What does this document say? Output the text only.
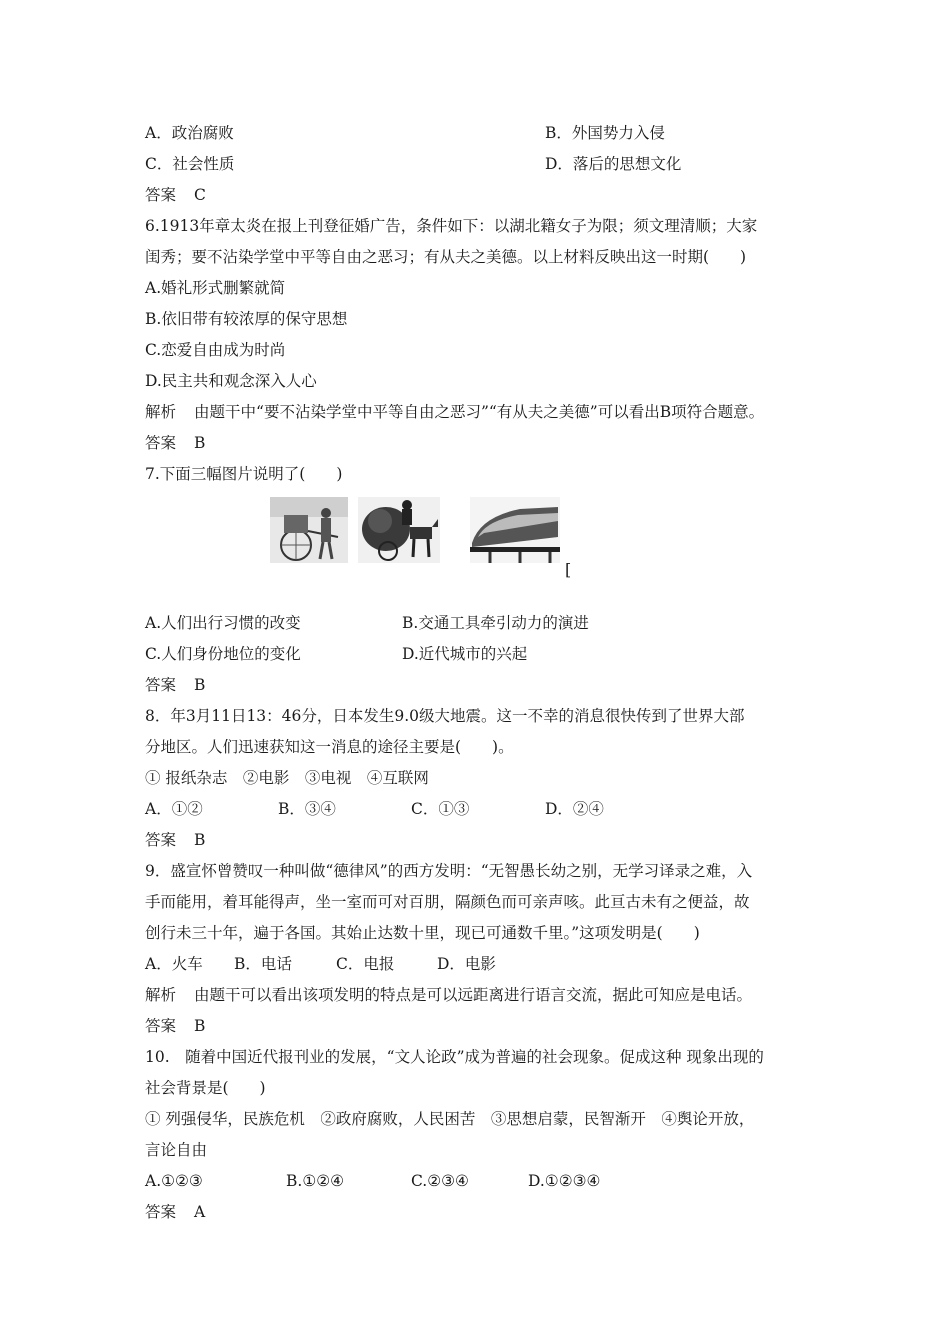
A．政治腐败	B．外国势力入侵
C．社会性质	D．落后的思想文化
答案 C
6.1913年章太炎在报上刊登征婚广告，条件如下：以湖北籍女子为限；须文理清顺；大家
闺秀；要不沾染学堂中平等自由之恶习；有从夫之美德。以上材料反映出这一时期(　　)
A.婚礼形式删繁就简
B.依旧带有较浓厚的保守思想
C.恋爱自由成为时尚
D.民主共和观念深入人心
解析 由题干中“要不沾染学堂中平等自由之恶习”“有从夫之美德”可以看出B项符合题意。
答案 B
7.下面三幅图片说明了(　　)
[
A.人们出行习惯的改变	B.交通工具牵引动力的演进
C.人们身份地位的变化	D.近代城市的兴起
答案 B
8．年3月11日13：46分，日本发生9.0级大地震。这一不幸的消息很快传到了世界大部
分地区。人们迅速获知这一消息的途径主要是(　　)。
① 报纸杂志　②电影　③电视　④互联网
A．①②	B．③④	C．①③	D．②④
答案 B
9．盛宣怀曾赞叹一种叫做“德律风”的西方发明：“无智愚长幼之别，无学习译录之难，入
手而能用，着耳能得声，坐一室而可对百朋，隔颜色而可亲声咳。此亘古未有之便益，故
创行未三十年，遍于各国。其始止达数十里，现已可通数千里。”这项发明是(　　)
A．火车 B．电话	C．电报	D．电影
解析 由题干可以看出该项发明的特点是可以远距离进行语言交流，据此可知应是电话。
答案 B
10.　随着中国近代报刊业的发展，“文人论政”成为普遍的社会现象。促成这种 现象出现的
社会背景是(　　)
① 列强侵华，民族危机　②政府腐败，人民困苦　③思想启蒙，民智渐开　④舆论开放，
言论自由
A.①②③	B.①②④	C.②③④	D.①②③④
答案 A
